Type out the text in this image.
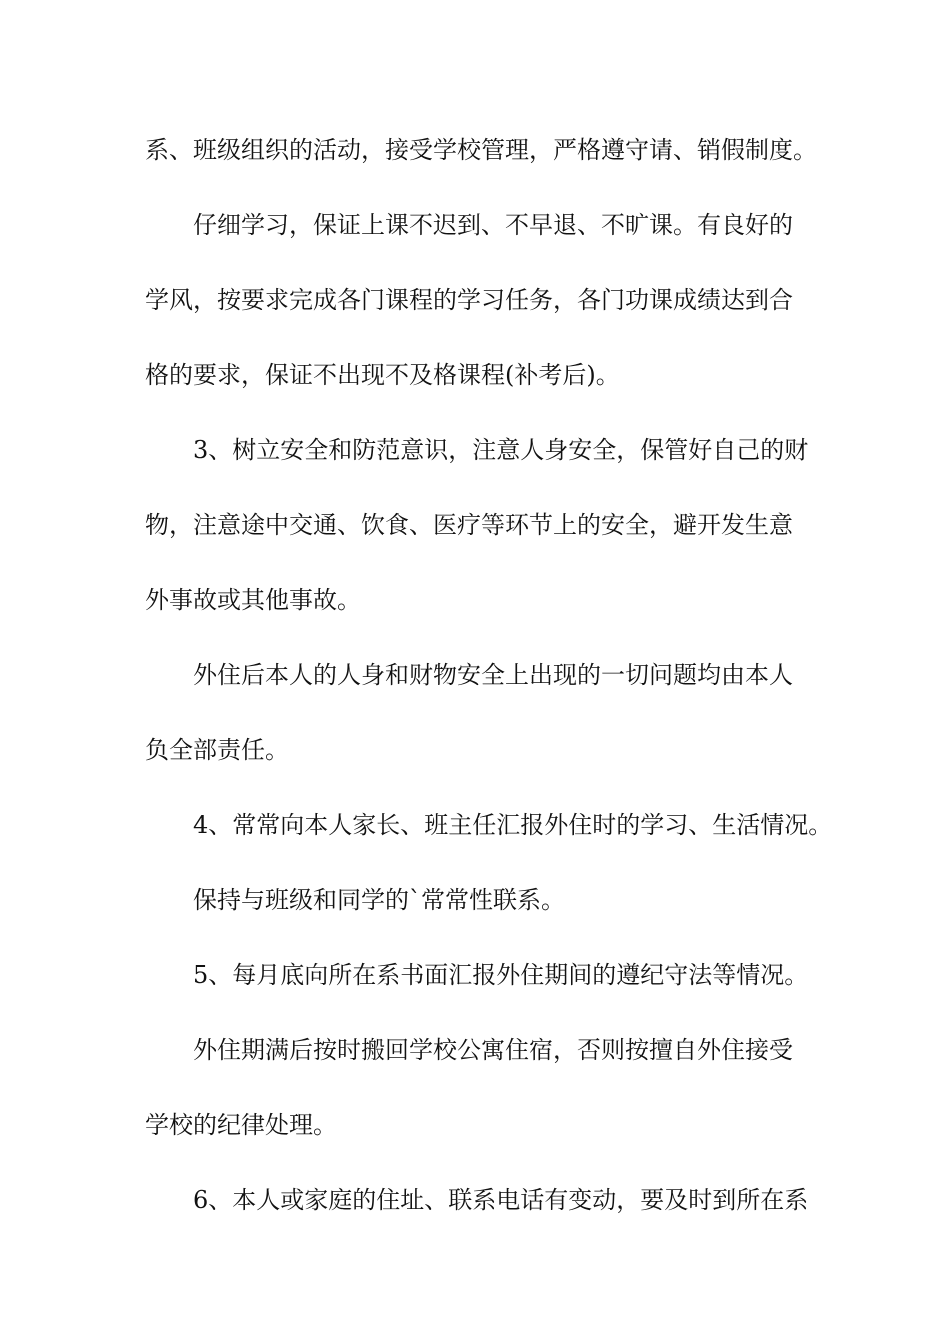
系、班级组织的活动，接受学校管理，严格遵守请、销假制度。
仔细学习，保证上课不迟到、不早退、不旷课。有良好的
学风，按要求完成各门课程的学习任务，各门功课成绩达到合
格的要求，保证不出现不及格课程(补考后)。
3、树立安全和防范意识，注意人身安全，保管好自己的财
物，注意途中交通、饮食、医疗等环节上的安全，避开发生意
外事故或其他事故。
外住后本人的人身和财物安全上出现的一切问题均由本人
负全部责任。
4、常常向本人家长、班主任汇报外住时的学习、生活情况。
保持与班级和同学的`常常性联系。
5、每月底向所在系书面汇报外住期间的遵纪守法等情况。
外住期满后按时搬回学校公寓住宿，否则按擅自外住接受
学校的纪律处理。
6、本人或家庭的住址、联系电话有变动，要及时到所在系
